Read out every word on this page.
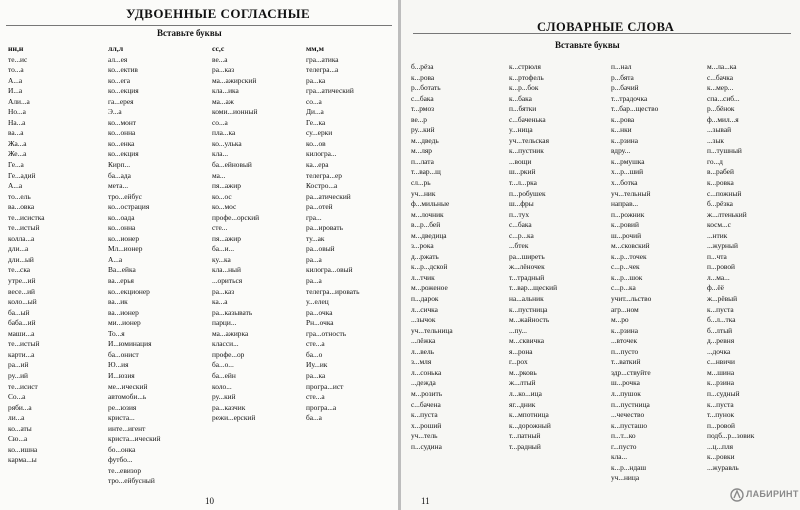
УДВОЕННЫЕ СОГЛАСНЫЕ
Вставьте буквы
нн,н
те...ис
то...а
А...а
И...а
Али...а
Но...а
На...а
ва...а
Жа...а
Же...а
Ге...а
Ге...адий
А...а
то...ель
ва...овка
те...исистка
те...истый
колла...а
дли...а
дли...ый
те...ска
утре...ий
весе...ий
коло...ый
ба...ый
баба...ий
маши...а
те...истый
карти...а
ра...ий
ру...ий
те...исист
Со...а
ряби...а
ли...а
ко...аты
Сю...а
ко...ишна
карма...ы
лл,л
ал...ея
ко...ектив
ко...ега
ко...екция
га...ерея
Э...а
ко...монт
ко...онна
ко...енка
ко...екция
Кирп...
ба...ада
мета...
тро...ейбус
ко...острация
ко...оада
ко...онна
ко...ионер
Мл...ионер
А...а
Ва...ейка
ва...ерья
ко...екционер
ва...ик
ва...ионер
ми...ионер
То...я
И...юминация
ба...онист
Ю...ия
И...юзия
ме...ический
автомоби...ь
ре...юзия
криста...
инте...игент
криста...ический
бо...онка
футбо...
те...евизор
тро...ейбусный
сс,с
ве...а
ра...каз
ма...ажирский
кла...ика
ма...аж
коми...ионный
со...а
пла...ка
ко...улька
кла...
ба...ейновый
ма...
пя...ажир
ко...ос
ко...мос
профе...орский
сте...
пя...ажир
ба...и...
ку...ка
кла...ный
...ориться
ра...каз
ка...а
ра...казывать
парци...
ма...ажирка
класси...
профе...ор
ба...о...
ба...ейн
коло...
ру...кий
ра...казчик
режи...ерский
мм,м
гра...атика
телегра...а
ра...ка
гра...атический
со...а
Ди...а
Ге...ка
су...ерки
ко...ов
килогра...
ка...ера
телегра...ер
Костро...а
ра...атический
ра...отей
гра...
ра...ировать
ту...ак
ра...овый
ра...а
килогра...овый
ра...а
телегра...ировать
у...елец
ра...очка
Рн...очка
гра...отность
сте...а
ба...о
Иу...ик
ра...ка
програ...ист
сте...а
програ...а
ба...а
10
СЛОВАРНЫЕ СЛОВА
Вставьте буквы
б...рёза
к...рова
р...ботать
с...бака
т...рмоз
ве...р
ру...кий
м...дведь
м...ляр
п...лата
т...вар...щ
сл...рь
уч...ник
ф...мильные
м...лочник
в...р...бей
м...дведица
з...рока
д...ржать
к...р...дской
л...тчик
м...роженое
п...дарок
л...сичка
...зычок
уч...тельница
...лёжка
л...вель
з...мля
л...сонька
...дежда
м...розить
с...бачена
к...пуста
х...роший
уч...тель
п...судина
к...стрюля
к...ртофель
к...р...бок
к...бака
п...бятки
с...баченька
у...ница
уч...тельская
к...пустник
...вощи
ш...ркий
т...л...рка
п...робушек
ш...фры
п...тух
с...бака
с...р...ка
...бтек
ра...ширеть
ж...лёночек
т...традный
т...вар...щеский
на...альник
к...пустница
м...жайность
...пу...
м...сквичка
я...рона
г...рох
м...рковь
ж...лтый
л...ко...ица
яг...дник
к...мпотница
к...дорожный
т...патный
т...радный
п...нал
р...бята
р...бачий
т...традочка
т...бар...щество
к...рова
к...нки
к...рзина
вдру...
к...рмушка
х...р...ший
х...ботка
уч...тельный
направ...
п...рожник
к...ровий
ш...рочий
м...сковский
к...р...точек
с...р...чек
к...р...шок
с...р...ка
учит...льство
агр...ном
м...ро
к...рзина
...вточек
п...пусто
т...ваткий
здр...ствуйте
ш...рочка
л...пушок
п...пустница
...чечество
к...пусташо
п...т...ко
г...пусто
кла...
к...р...ндаш
уч...ница
м...ла...ка
с...бачка
к...мер...
спа...сиб...
р...бёнок
ф...мил...я
...зывай
...зык
п...тушный
го...д
в...рабей
к...ровка
с...пожный
б...рёзка
ж...лтенький
косм...с
...нтик
...журный
п...чта
п...ровой
л...ма...
ф...ёё
ж...рёвый
к...пуста
б...л...тка
б...лтый
д...ревня
...дочка
с...нвичи
м...шина
к...рзина
п...судный
к...пуста
т...пунок
п...ровой
подб...р...зовик
...ц...пля
к...ровки
...журавль
11
ЛАБИРИНТ
